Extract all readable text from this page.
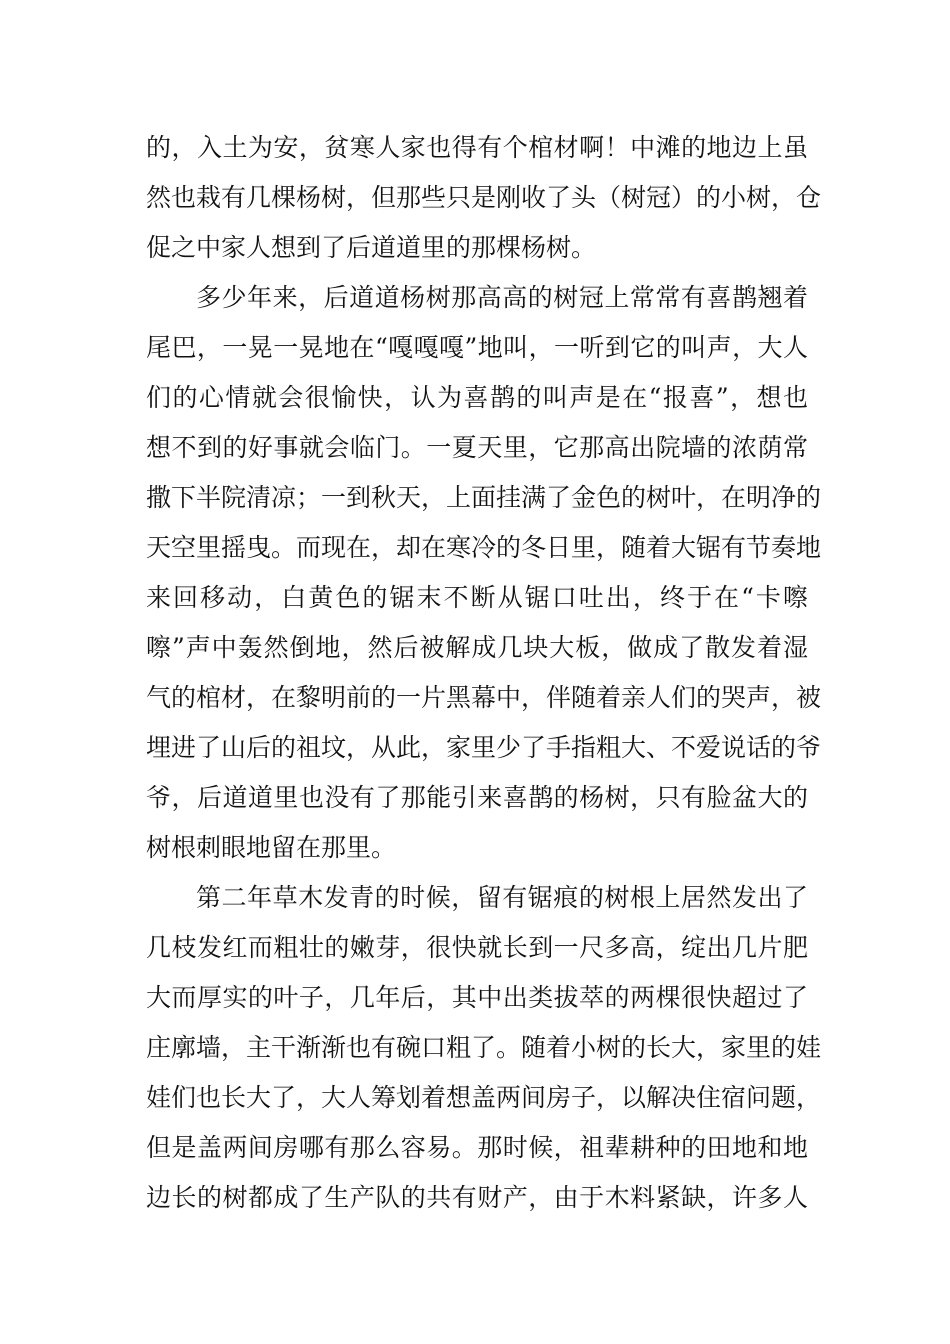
的，入土为安，贫寒人家也得有个棺材啊！中滩的地边上虽
然也栽有几棵杨树，但那些只是刚收了头（树冠）的小树，仓
促之中家人想到了后道道里的那棵杨树。
多少年来，后道道杨树那高高的树冠上常常有喜鹊翘着
尾巴，一晃一晃地在“嘎嘎嘎”地叫，一听到它的叫声，大人
们的心情就会很愉快，认为喜鹊的叫声是在“报喜”，想也
想不到的好事就会临门。一夏天里，它那高出院墙的浓荫常
撒下半院清凉；一到秋天，上面挂满了金色的树叶，在明净的
天空里摇曳。而现在，却在寒冷的冬日里，随着大锯有节奏地
来回移动，白黄色的锯末不断从锯口吐出，终于在“卡嚓
嚓”声中轰然倒地，然后被解成几块大板，做成了散发着湿
气的棺材，在黎明前的一片黑幕中，伴随着亲人们的哭声，被
埋进了山后的祖坟，从此，家里少了手指粗大、不爱说话的爷
爷，后道道里也没有了那能引来喜鹊的杨树，只有脸盆大的
树根刺眼地留在那里。
第二年草木发青的时候，留有锯痕的树根上居然发出了
几枝发红而粗壮的嫩芽，很快就长到一尺多高，绽出几片肥
大而厚实的叶子，几年后，其中出类拔萃的两棵很快超过了
庄廓墙，主干渐渐也有碗口粗了。随着小树的长大，家里的娃
娃们也长大了，大人筹划着想盖两间房子，以解决住宿问题，
但是盖两间房哪有那么容易。那时候，祖辈耕种的田地和地
边长的树都成了生产队的共有财产，由于木料紧缺，许多人
